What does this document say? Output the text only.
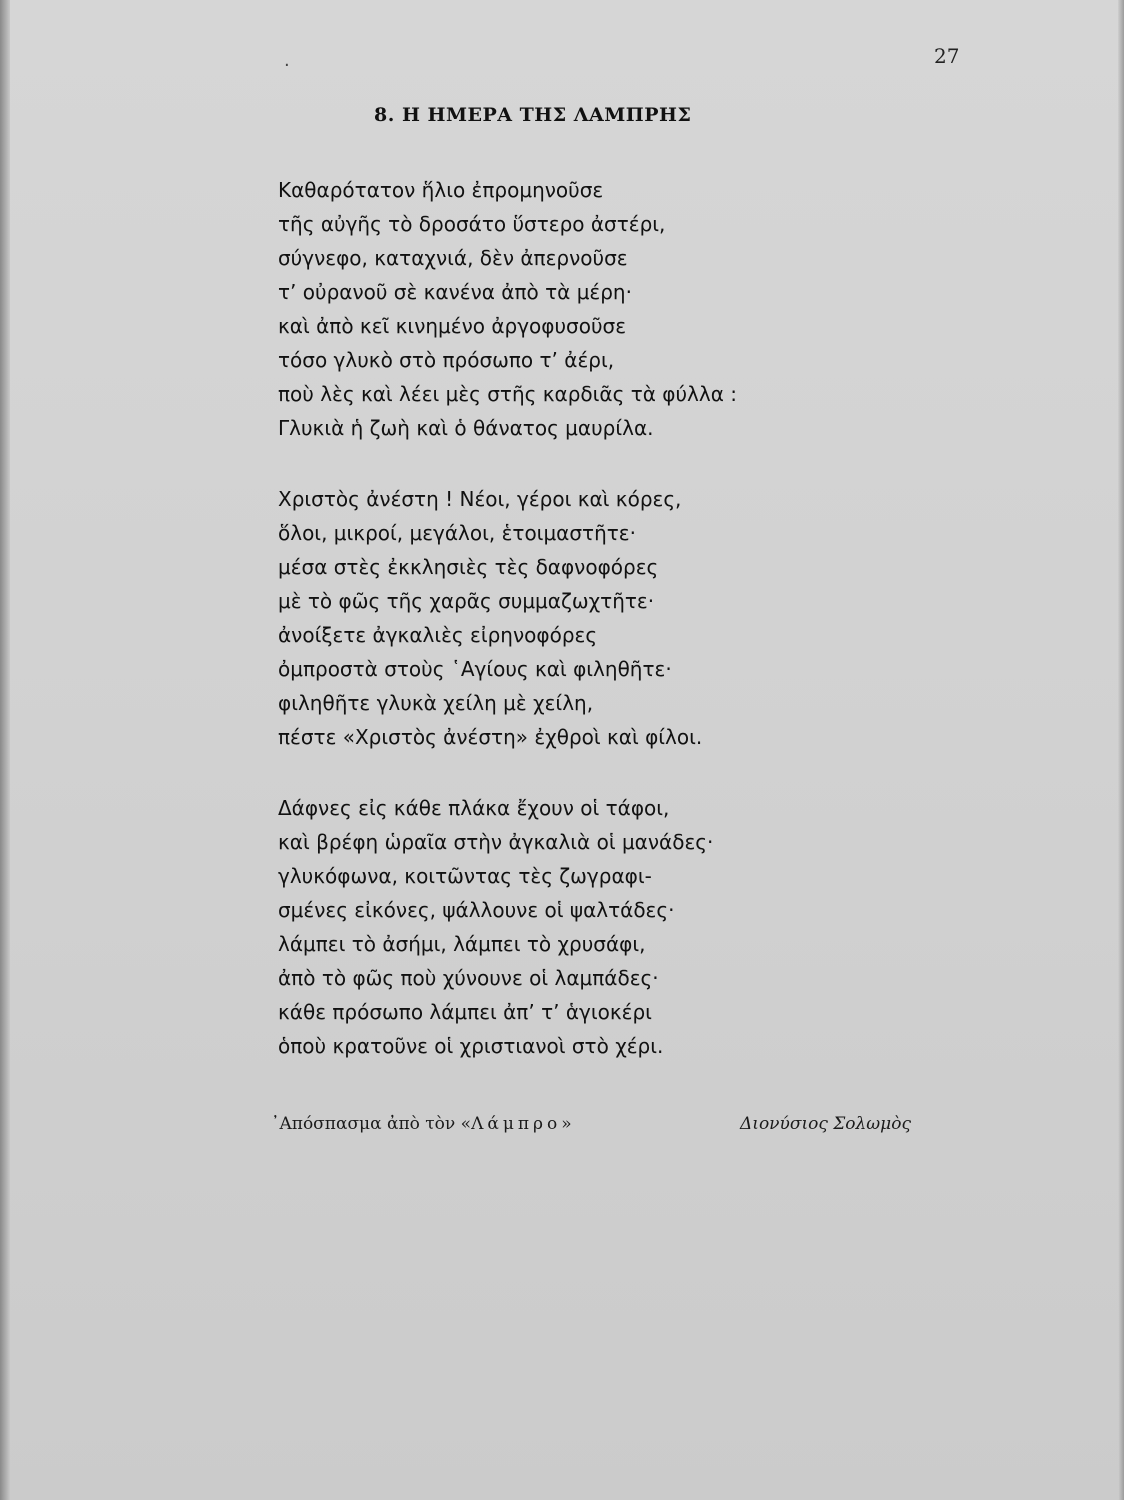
.	27
8. Η ΗΜΕΡΑ ΤΗΣ ΛΑΜΠΡΗΣ
Καθαρότατον ἥλιο ἐπρομηνοῦσε
τῆς αὐγῆς τὸ δροσάτο ὕστερο ἀστέρι,
σύγνεφο, καταχνιά, δὲν ἀπερνοῦσε
τ’ οὐρανοῦ σὲ κανένα ἀπὸ τὰ μέρη·
καὶ ἀπὸ κεῖ κινημένο ἀργοφυσοῦσε
τόσο γλυκὸ στὸ πρόσωπο τ’ ἀέρι,
ποὺ λὲς καὶ λέει μὲς στῆς καρδιᾶς τὰ φύλλα :
Γλυκιὰ ἡ ζωὴ καὶ ὁ θάνατος μαυρίλα.
Χριστὸς ἀνέστη ! Νέοι, γέροι καὶ κόρες,
ὅλοι, μικροί, μεγάλοι, ἑτοιμαστῆτε·
μέσα στὲς ἐκκλησιὲς τὲς δαφνοφόρες
μὲ τὸ φῶς τῆς χαρᾶς συμμαζωχτῆτε·
ἀνοίξετε ἀγκαλιὲς εἰρηνοφόρες
ὀμπροστὰ στοὺς ῾Αγίους καὶ φιληθῆτε·
φιληθῆτε γλυκὰ χείλη μὲ χείλη,
πέστε «Χριστὸς ἀνέστη» ἐχθροὶ καὶ φίλοι.
Δάφνες εἰς κάθε πλάκα ἔχουν οἱ τάφοι,
καὶ βρέφη ὡραῖα στὴν ἀγκαλιὰ οἱ μανάδες·
γλυκόφωνα, κοιτῶντας τὲς ζωγραφι-
σμένες εἰκόνες, ψάλλουνε οἱ ψαλτάδες·
λάμπει τὸ ἀσήμι, λάμπει τὸ χρυσάφι,
ἀπὸ τὸ φῶς ποὺ χύνουνε οἱ λαμπάδες·
κάθε πρόσωπο λάμπει ἀπ’ τ’ ἁγιοκέρι
ὁποὺ κρατοῦνε οἱ χριστιανοὶ στὸ χέρι.
᾽Απόσπασμα ἀπὸ τὸν «Λάμπρο»	Διονύσιος Σολωμὸς
